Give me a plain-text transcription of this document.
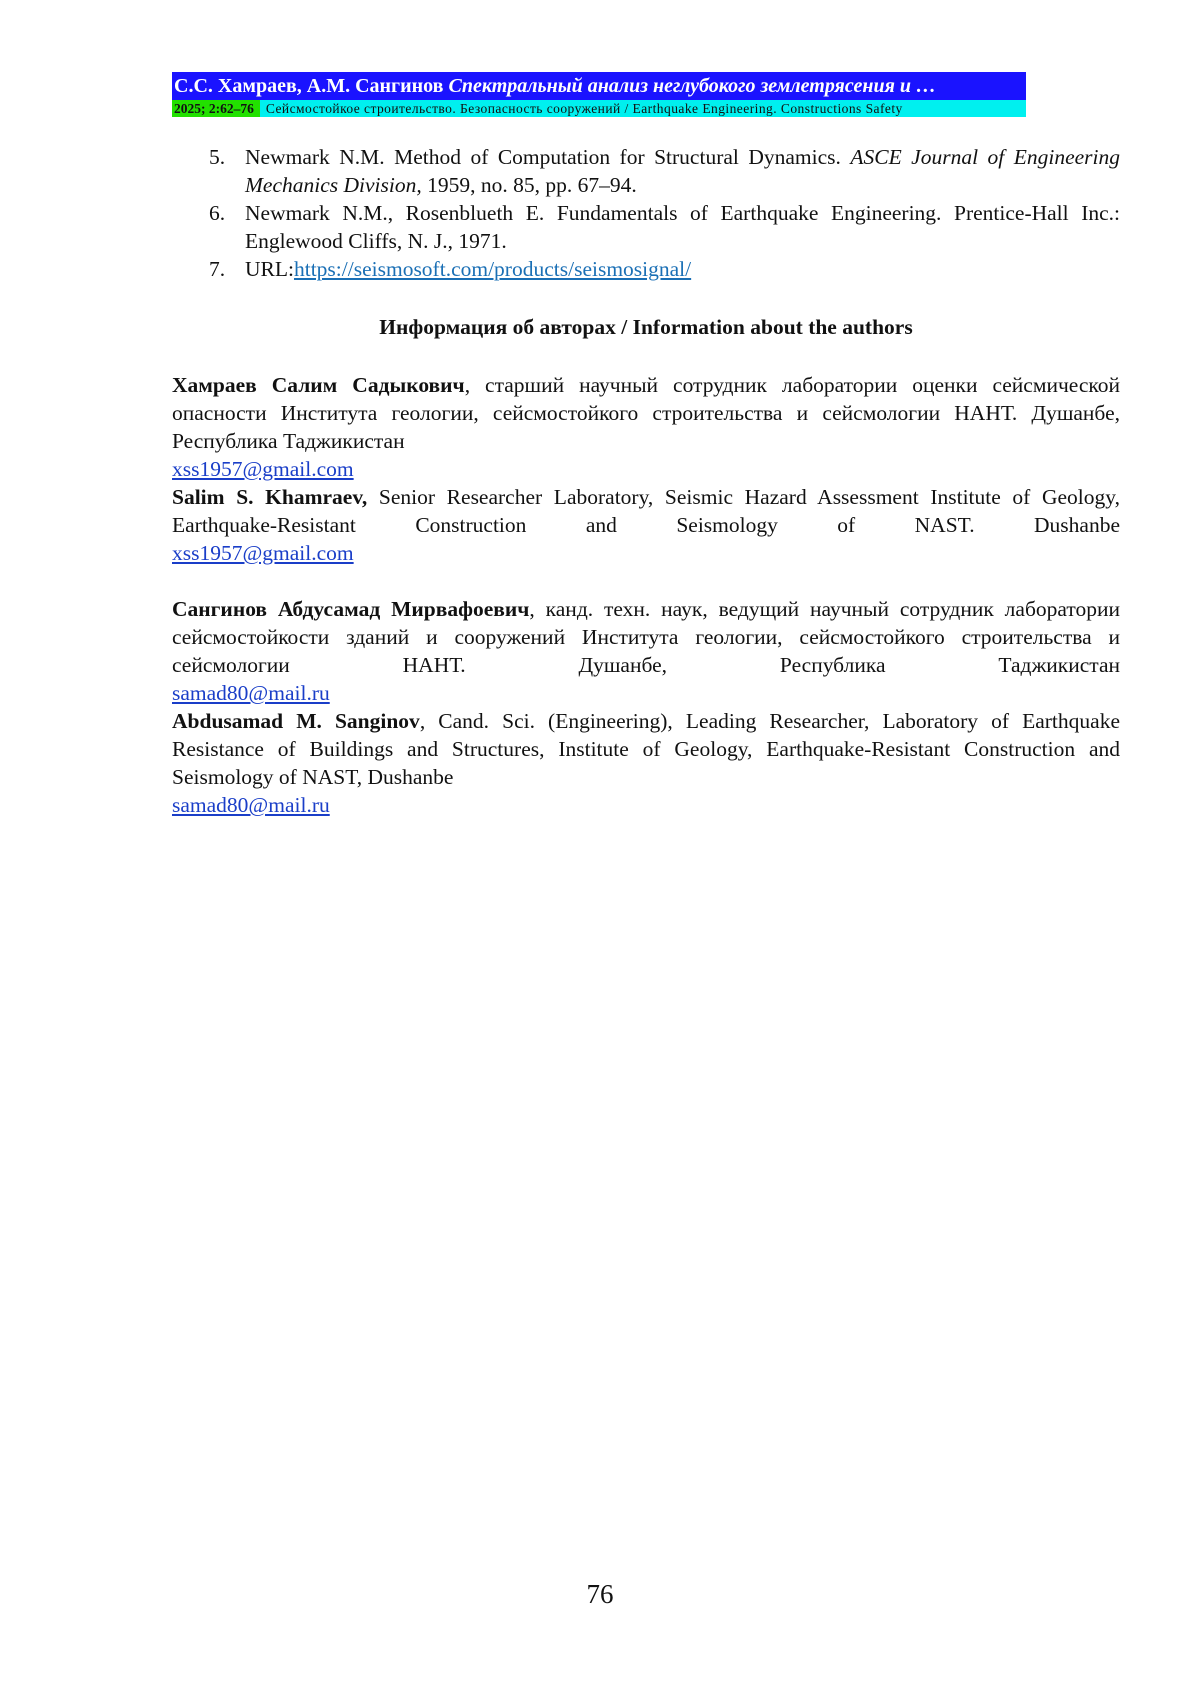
С.С. Хамраев, А.М. Сангинов Спектральный анализ неглубокого землетрясения и …
2025; 2:62–76 Сейсмостойкое строительство. Безопасность сооружений / Earthquake Engineering. Constructions Safety
5. Newmark N.M. Method of Computation for Structural Dynamics. ASCE Journal of Engineering Mechanics Division, 1959, no. 85, pp. 67–94.
6. Newmark N.M., Rosenblueth E. Fundamentals of Earthquake Engineering. Prentice-Hall Inc.: Englewood Cliffs, N. J., 1971.
7. URL:https://seismosoft.com/products/seismosignal/
Информация об авторах / Information about the authors

Хамраев Салим Садыкович, старший научный сотрудник лаборатории оценки сейсмической опасности Института геологии, сейсмостойкого строительства и сейсмологии НАНТ. Душанбе, Республика Таджикистан

xss1957@gmail.com

Salim S. Khamraev, Senior Researcher Laboratory, Seismic Hazard Assessment Institute of Geology, Earthquake-Resistant Construction and Seismology of NAST. Dushanbe

xss1957@gmail.com

Сангинов Абдусамад Мирвафоевич, канд. техн. наук, ведущий научный сотрудник лаборатории сейсмостойкости зданий и сооружений Института геологии, сейсмостойкого строительства и сейсмологии НАНТ. Душанбе, Республика Таджикистан

samad80@mail.ru

Abdusamad M. Sanginov, Cand. Sci. (Engineering), Leading Researcher, Laboratory of Earthquake Resistance of Buildings and Structures, Institute of Geology, Earthquake-Resistant Construction and Seismology of NAST, Dushanbe

samad80@mail.ru
76
